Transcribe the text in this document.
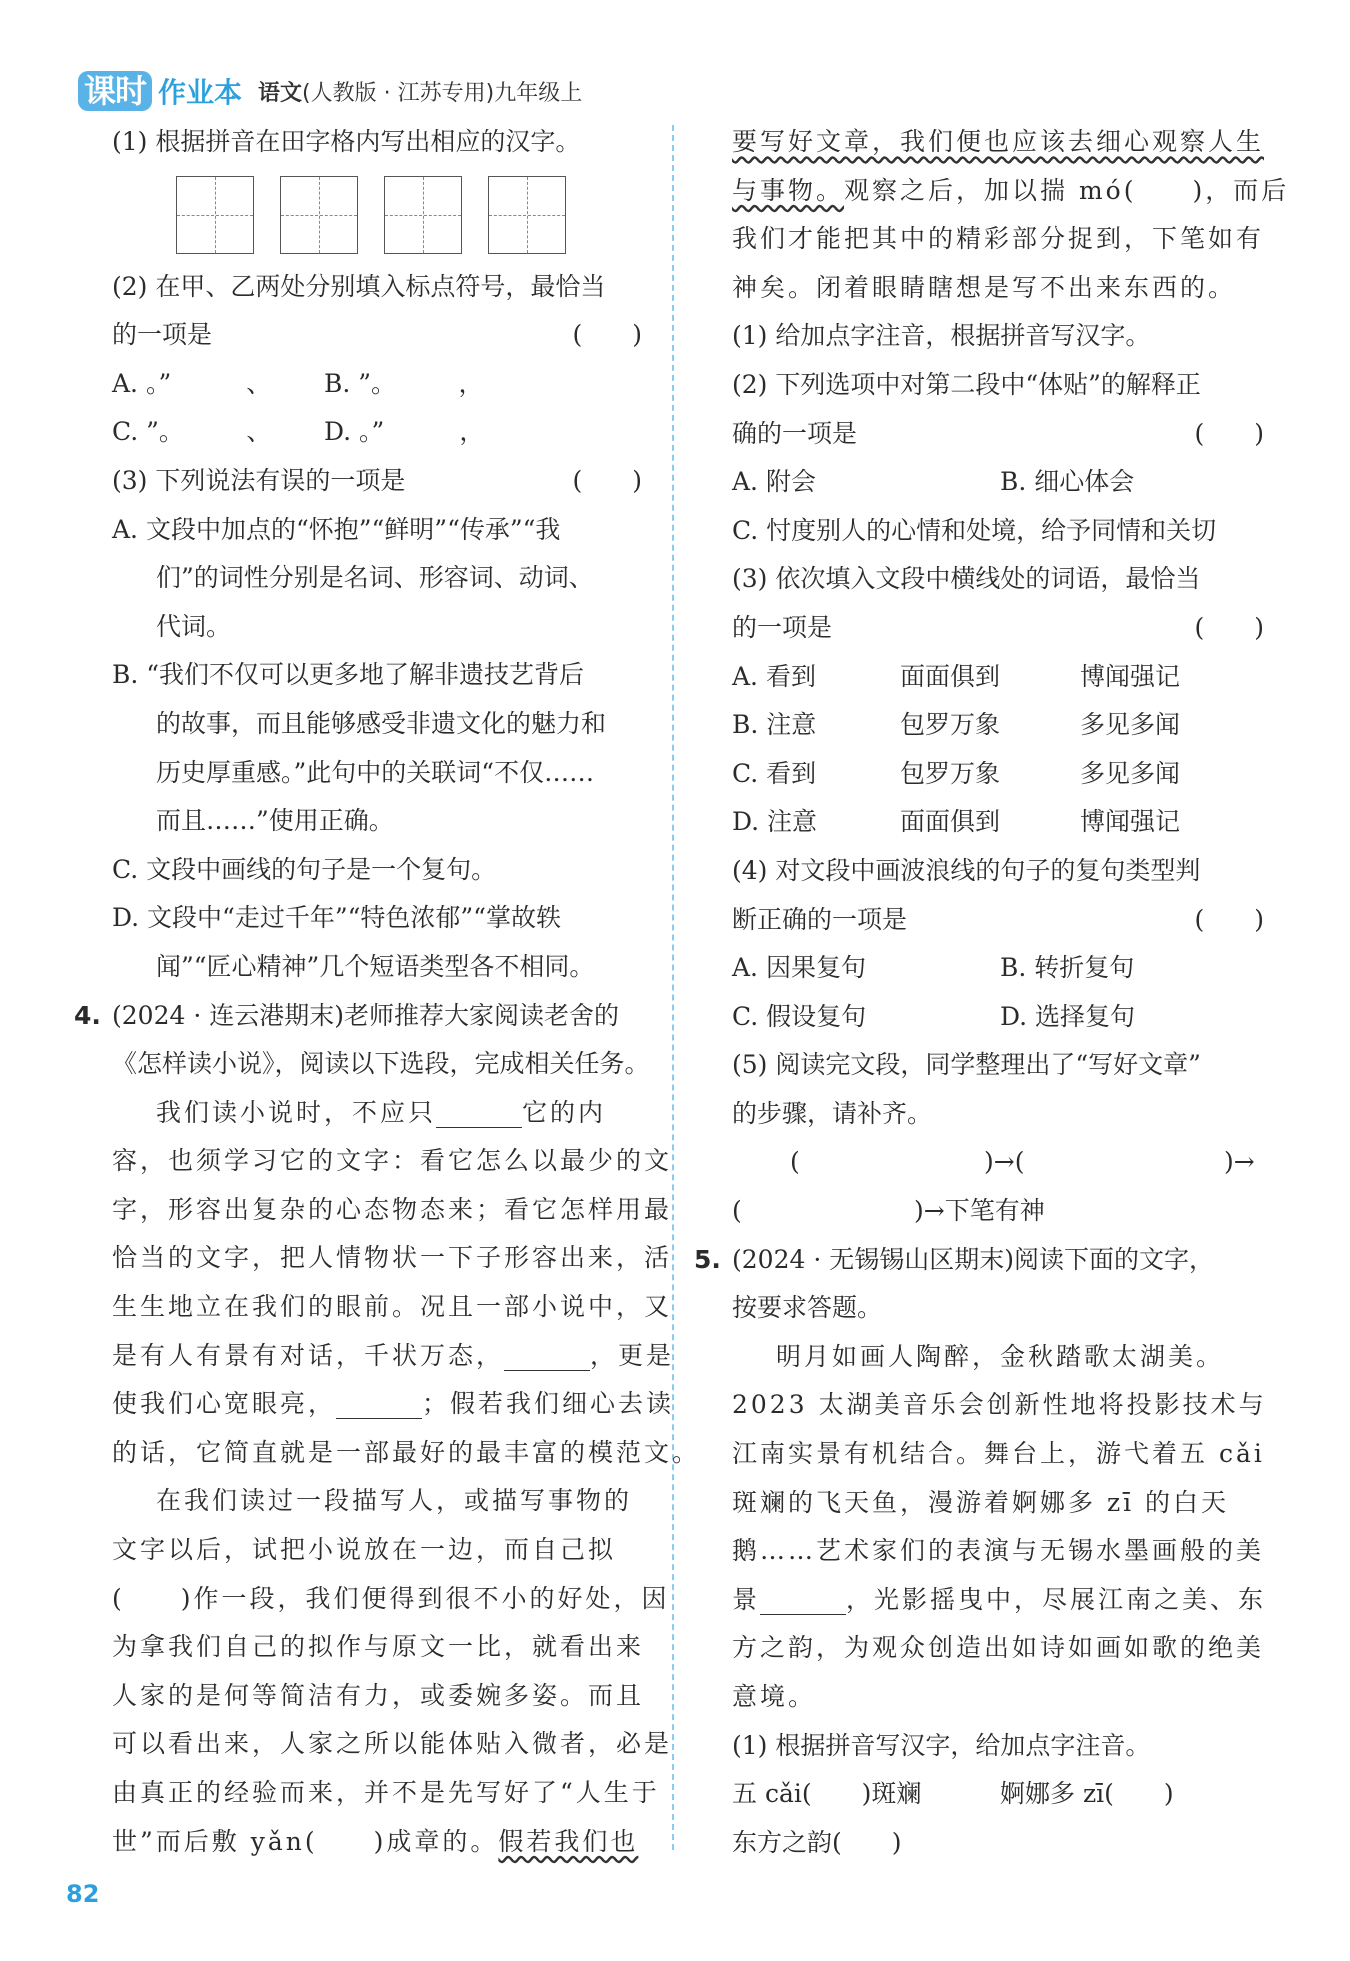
课时 作业本 语文(人教版 · 江苏专用)九年级上
(1) 根据拼音在田字格内写出相应的汉字。
(2) 在甲、乙两处分别填入标点符号，最恰当
的一项是	(　　)
A. 。”　　　、 B. ”。　　　，
C. ”。　　　、 D. 。”　　　，
(3) 下列说法有误的一项是	(　　)
A. 文段中加点的“怀抱”“鲜明”“传承”“我
们”的词性分别是名词、形容词、动词、
代词。
B. “我们不仅可以更多地了解非遗技艺背后
的故事，而且能够感受非遗文化的魅力和
历史厚重感。”此句中的关联词“不仅……
而且……”使用正确。
C. 文段中画线的句子是一个复句。
D. 文段中“走过千年”“特色浓郁”“掌故轶
闻”“匠心精神”几个短语类型各不相同。
4. (2024 · 连云港期末)老师推荐大家阅读老舍的
《怎样读小说》，阅读以下选段，完成相关任务。
我们读小说时，不应只	它的内
容，也须学习它的文字：看它怎么以最少的文
字，形容出复杂的心态物态来；看它怎样用最
恰当的文字，把人情物状一下子形容出来，活
生生地立在我们的眼前。况且一部小说中，又
是有人有景有对话，千状万态，	，更是
使我们心宽眼亮，	；假若我们细心去读
的话，它简直就是一部最好的最丰富的模范文。
在我们读过一段描写人，或描写事物的
文字以后，试把小说放在一边，而自己拟
(　　)作一段，我们便得到很不小的好处，因
为拿我们自己的拟作与原文一比，就看出来
人家的是何等简洁有力，或委婉多姿。而且
可以看出来，人家之所以能体贴入微者，必是
由真正的经验而来，并不是先写好了“人生于
世”而后敷 yǎn(　　)成章的。假若我们也
要写好文章，我们便也应该去细心观察人生
与事物。观察之后，加以揣 mó(　　)，而后
我们才能把其中的精彩部分捉到，下笔如有
神矣。闭着眼睛瞎想是写不出来东西的。
(1) 给加点字注音，根据拼音写汉字。
(2) 下列选项中对第二段中“体贴”的解释正
确的一项是	(　　)
A. 附会	B. 细心体会
C. 忖度别人的心情和处境，给予同情和关切
(3) 依次填入文段中横线处的词语，最恰当
的一项是	(　　)
A. 看到	面面俱到	博闻强记
B. 注意	包罗万象	多见多闻
C. 看到	包罗万象	多见多闻
D. 注意	面面俱到	博闻强记
(4) 对文段中画波浪线的句子的复句类型判
断正确的一项是	(　　)
A. 因果复句	B. 转折复句
C. 假设复句	D. 选择复句
(5) 阅读完文段，同学整理出了“写好文章”
的步骤，请补齐。
(	)→(	)→
(	)→下笔有神
5. (2024 · 无锡锡山区期末)阅读下面的文字，
按要求答题。
明月如画人陶醉，金秋踏歌太湖美。
2023 太湖美音乐会创新性地将投影技术与
江南实景有机结合。舞台上，游弋着五 cǎi
斑斓的飞天鱼，漫游着婀娜多 zī 的白天
鹅……艺术家们的表演与无锡水墨画般的美
景	，光影摇曳中，尽展江南之美、东
方之韵，为观众创造出如诗如画如歌的绝美
意境。
(1) 根据拼音写汉字，给加点字注音。
五 cǎi(　　)斑斓	婀娜多 zī(　　)
东方之韵(　　)
82
